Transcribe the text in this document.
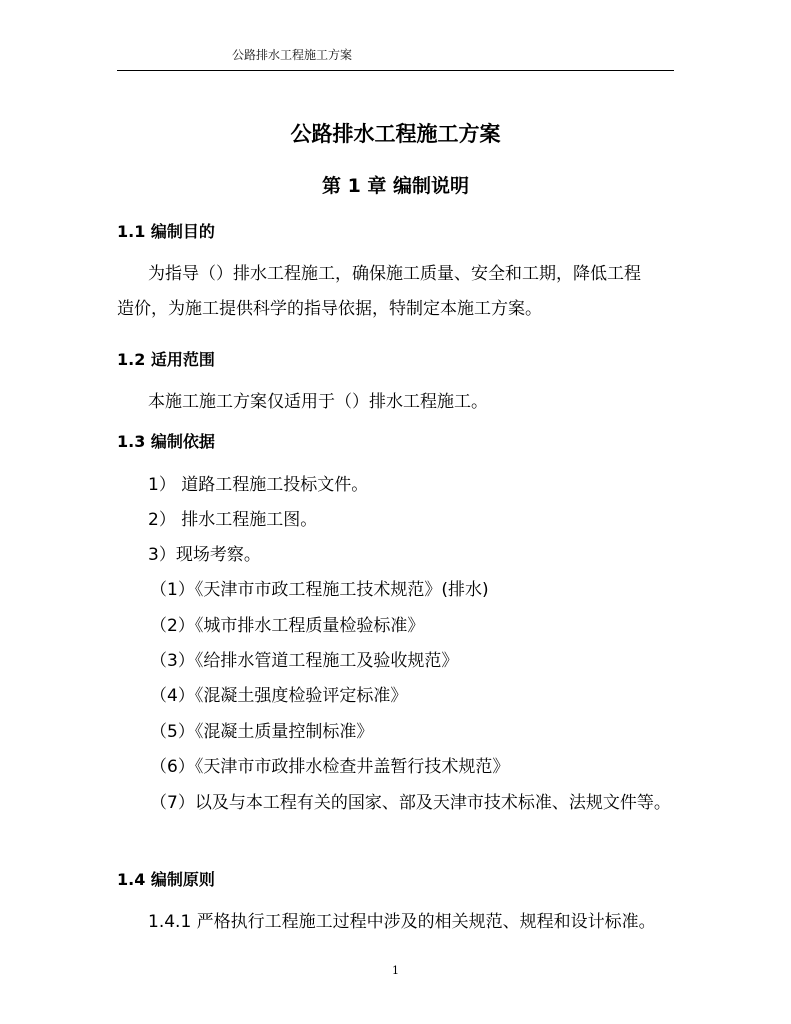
公路排水工程施工方案
公路排水工程施工方案
第 1 章 编制说明
1.1 编制目的
为指导（）排水工程施工，确保施工质量、安全和工期，降低工程
造价，为施工提供科学的指导依据，特制定本施工方案。
1.2 适用范围
本施工施工方案仅适用于（）排水工程施工。
1.3 编制依据
1） 道路工程施工投标文件。
2） 排水工程施工图。
3）现场考察。
（1）《天津市市政工程施工技术规范》(排水)
（2）《城市排水工程质量检验标准》
（3）《给排水管道工程施工及验收规范》
（4）《混凝土强度检验评定标准》
（5）《混凝土质量控制标准》
（6）《天津市市政排水检查井盖暂行技术规范》
（7）以及与本工程有关的国家、部及天津市技术标准、法规文件等。
1.4 编制原则
1.4.1 严格执行工程施工过程中涉及的相关规范、规程和设计标准。
1
